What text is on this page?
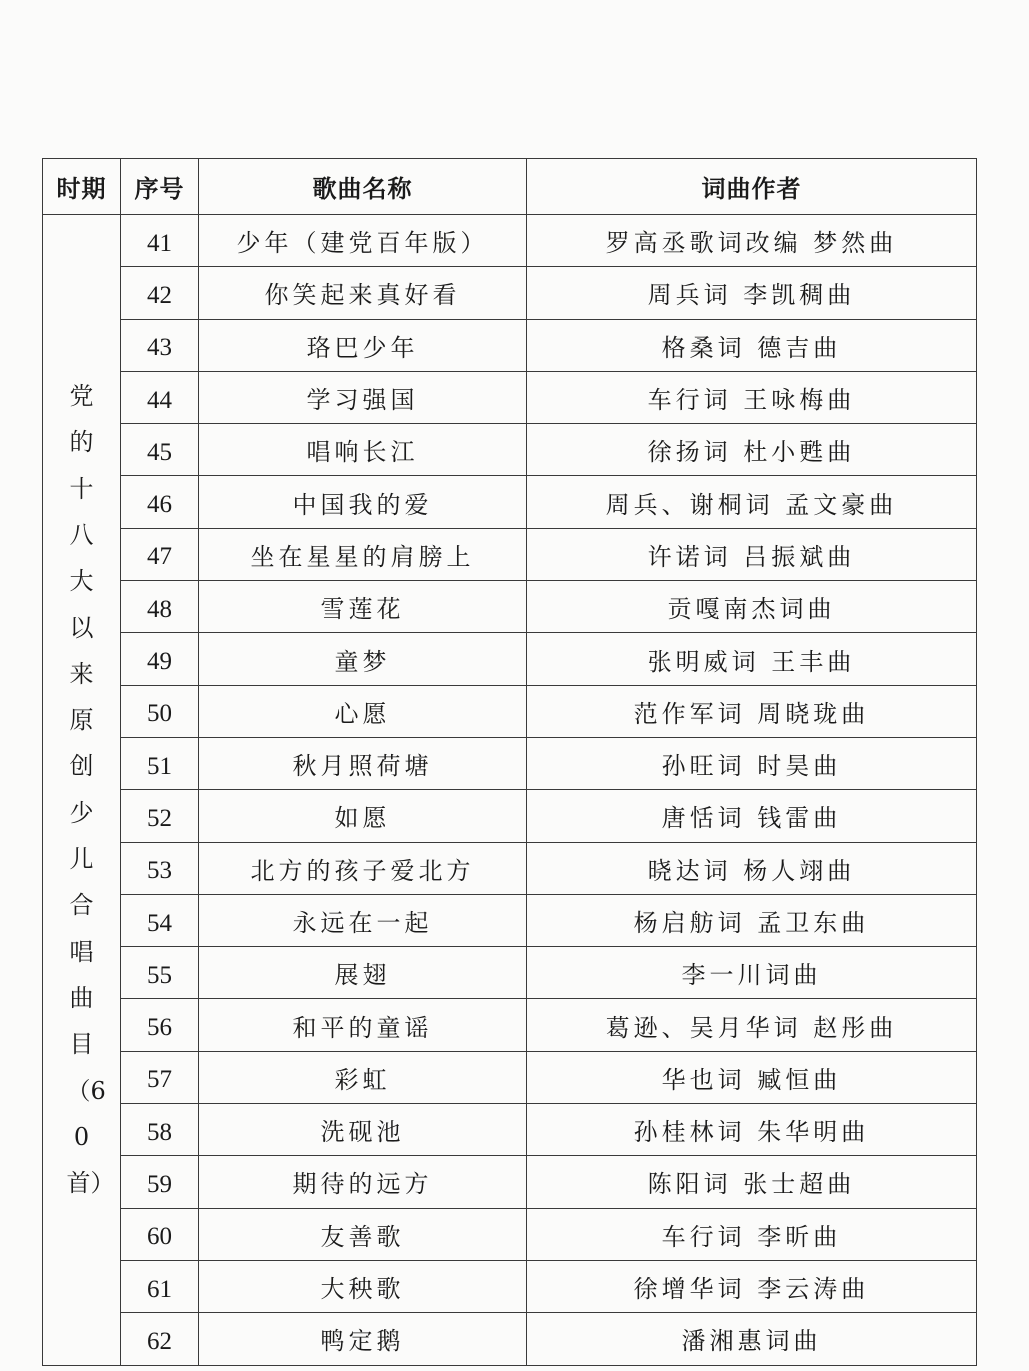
时期	序号	歌曲名称	词曲作者

党的十八大以来原创少儿合唱曲目（60首）	41	少年（建党百年版）	罗高丞歌词改编 梦然曲
	42	你笑起来真好看	周兵词 李凯稠曲
	43	珞巴少年	格桑词 德吉曲
	44	学习强国	车行词 王咏梅曲
	45	唱响长江	徐扬词 杜小甦曲
	46	中国我的爱	周兵、谢桐词 孟文豪曲
	47	坐在星星的肩膀上	许诺词 吕振斌曲
	48	雪莲花	贡嘎南杰词曲
	49	童梦	张明威词 王丰曲
	50	心愿	范作军词 周晓珑曲
	51	秋月照荷塘	孙旺词 时昊曲
	52	如愿	唐恬词 钱雷曲
	53	北方的孩子爱北方	晓达词 杨人翊曲
	54	永远在一起	杨启舫词 孟卫东曲
	55	展翅	李一川词曲
	56	和平的童谣	葛逊、吴月华词 赵彤曲
	57	彩虹	华也词 臧恒曲
	58	洗砚池	孙桂林词 朱华明曲
	59	期待的远方	陈阳词 张士超曲
	60	友善歌	车行词 李昕曲
	61	大秧歌	徐增华词 李云涛曲
	62	鸭定鹅	潘湘惠词曲
